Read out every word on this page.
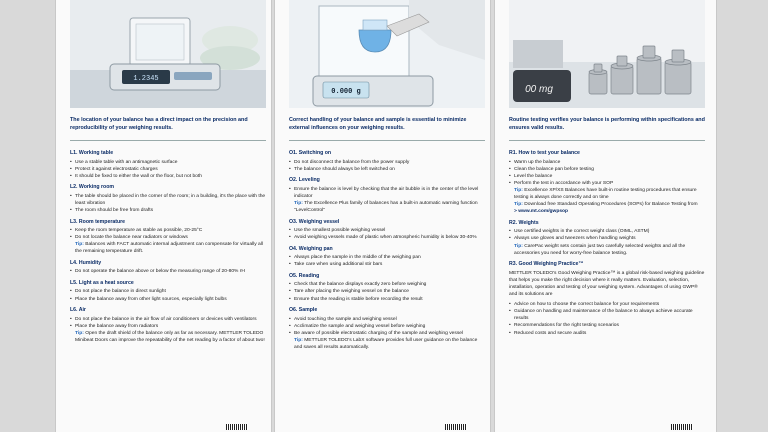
1.2345
The location of your balance has a direct impact on the precision and reproducibility of your weighing results.
L1. Working table
• Use a stable table with an antimagnetic surface
• Protect it against electrostatic charges
• It should be fixed to either the wall or the floor, but not both
L2. Working room
• The table should be placed in the corner of the room; in a building, it's the place with the least vibration
• The room should be free from drafts
L3. Room temperature
• Keep the room temperature as stable as possible, 20-25°C
• Do not locate the balance near radiators or windows
Tip: Balances with FACT automatic internal adjustment can compensate for virtually all the remaining temperature drift.
L4. Humidity
• Do not operate the balance above or below the measuring range of 20-80% rH
L5. Light as a heat source
• Do not place the balance in direct sunlight
• Place the balance away from other light sources, especially light bulbs
L6. Air
• Do not place the balance in the air flow of air conditioners or devices with ventilators
• Place the balance away from radiators
Tip: Open the draft shield of the balance only as far as necessary. METTLER TOLEDO Minibeat Doors can improve the repeatability of the net reading by a factor of about two!
0.000 g
Correct handling of your balance and sample is essential to minimize external influences on your weighing results.
O1. Switching on
• Do not disconnect the balance from the power supply
• The balance should always be left switched on
O2. Leveling
• Ensure the balance is level by checking that the air bubble is in the center of the level indicator
Tip: The Excellence Plus family of balances has a built-in automatic warning function "LevelControl"
O3. Weighing vessel
• Use the smallest possible weighing vessel
• Avoid weighing vessels made of plastic when atmospheric humidity is below 30-40%
O4. Weighing pan
• Always place the sample in the middle of the weighing pan
• Take care when using additional stir bars
O5. Reading
• Check that the balance displays exactly zero before weighing
• Tare after placing the weighing vessel on the balance
• Ensure that the reading is stable before recording the result
O6. Sample
• Avoid touching the sample and weighing vessel
• Acclimatize the sample and weighing vessel before weighing
• Be aware of possible electrostatic charging of the sample and weighing vessel
Tip: METTLER TOLEDO's LabX software provides full user guidance on the balance and saves all results automatically.
00 mg
Routine testing verifies your balance is performing within specifications and ensures valid results.
R1. How to test your balance
• Warm up the balance
• Clean the balance pan before testing
• Level the balance
• Perform the test in accordance with your SOP
Tip: Excellence XP/XS Balances have built-in routine testing procedures that ensure testing is always done correctly and on time
Tip: Download free Standard Operating Procedures (SOPs) for Balance Testing from
> www.mt.com/gwpsop
R2. Weights
• Use certified weights in the correct weight class (OIML, ASTM)
• Always use gloves and tweezers when handling weights
Tip: CarePac weight sets contain just two carefully selected weights and all the accessories you need for worry-free balance testing.
R3. Good Weighing Practice™

METTLER TOLEDO's Good Weighing Practice™ is a global risk-based weighing guideline that helps you make the right decision where it really matters. Evaluation, selection, installation, operation and testing of your weighing system. Advantages of using GWP® and its solutions are

• Advice on how to choose the correct balance for your requirements
• Guidance on handling and maintenance of the balance to always achieve accurate results
• Recommendations for the right testing scenarios
• Reduced costs and secure audits
